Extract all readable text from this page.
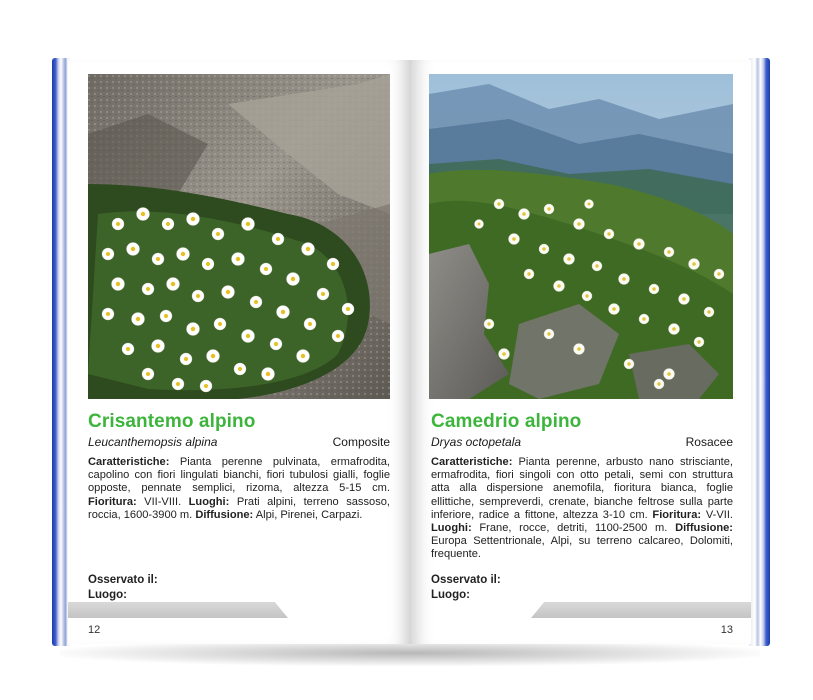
Crisantemo alpino
Leucanthemopsis alpina	Composite
Caratteristiche: Pianta perenne pulvinata, ermafrodita, capolino con fiori lingulati bianchi, fiori tubulosi gialli, foglie opposte, pennate semplici, rizoma, altezza 5-15 cm. Fioritura: VII-VIII. Luoghi: Prati alpini, terreno sassoso, roccia, 1600-3900 m. Diffusione: Alpi, Pirenei, Carpazi.
Osservato il:
Luogo:
12
Camedrio alpino
Dryas octopetala	Rosacee
Caratteristiche: Pianta perenne, arbusto nano strisciante, ermafrodita, fiori singoli con otto petali, semi con struttura atta alla dispersione anemofila, fioritura bianca, foglie ellittiche, sempreverdi, crenate, bianche feltrose sulla parte inferiore, radice a fittone, altezza 3-10 cm. Fioritura: V-VII. Luoghi: Frane, rocce, detriti, 1100-2500 m. Diffusione: Europa Settentrionale, Alpi, su terreno calcareo, Dolomiti, frequente.
Osservato il:
Luogo:
13
